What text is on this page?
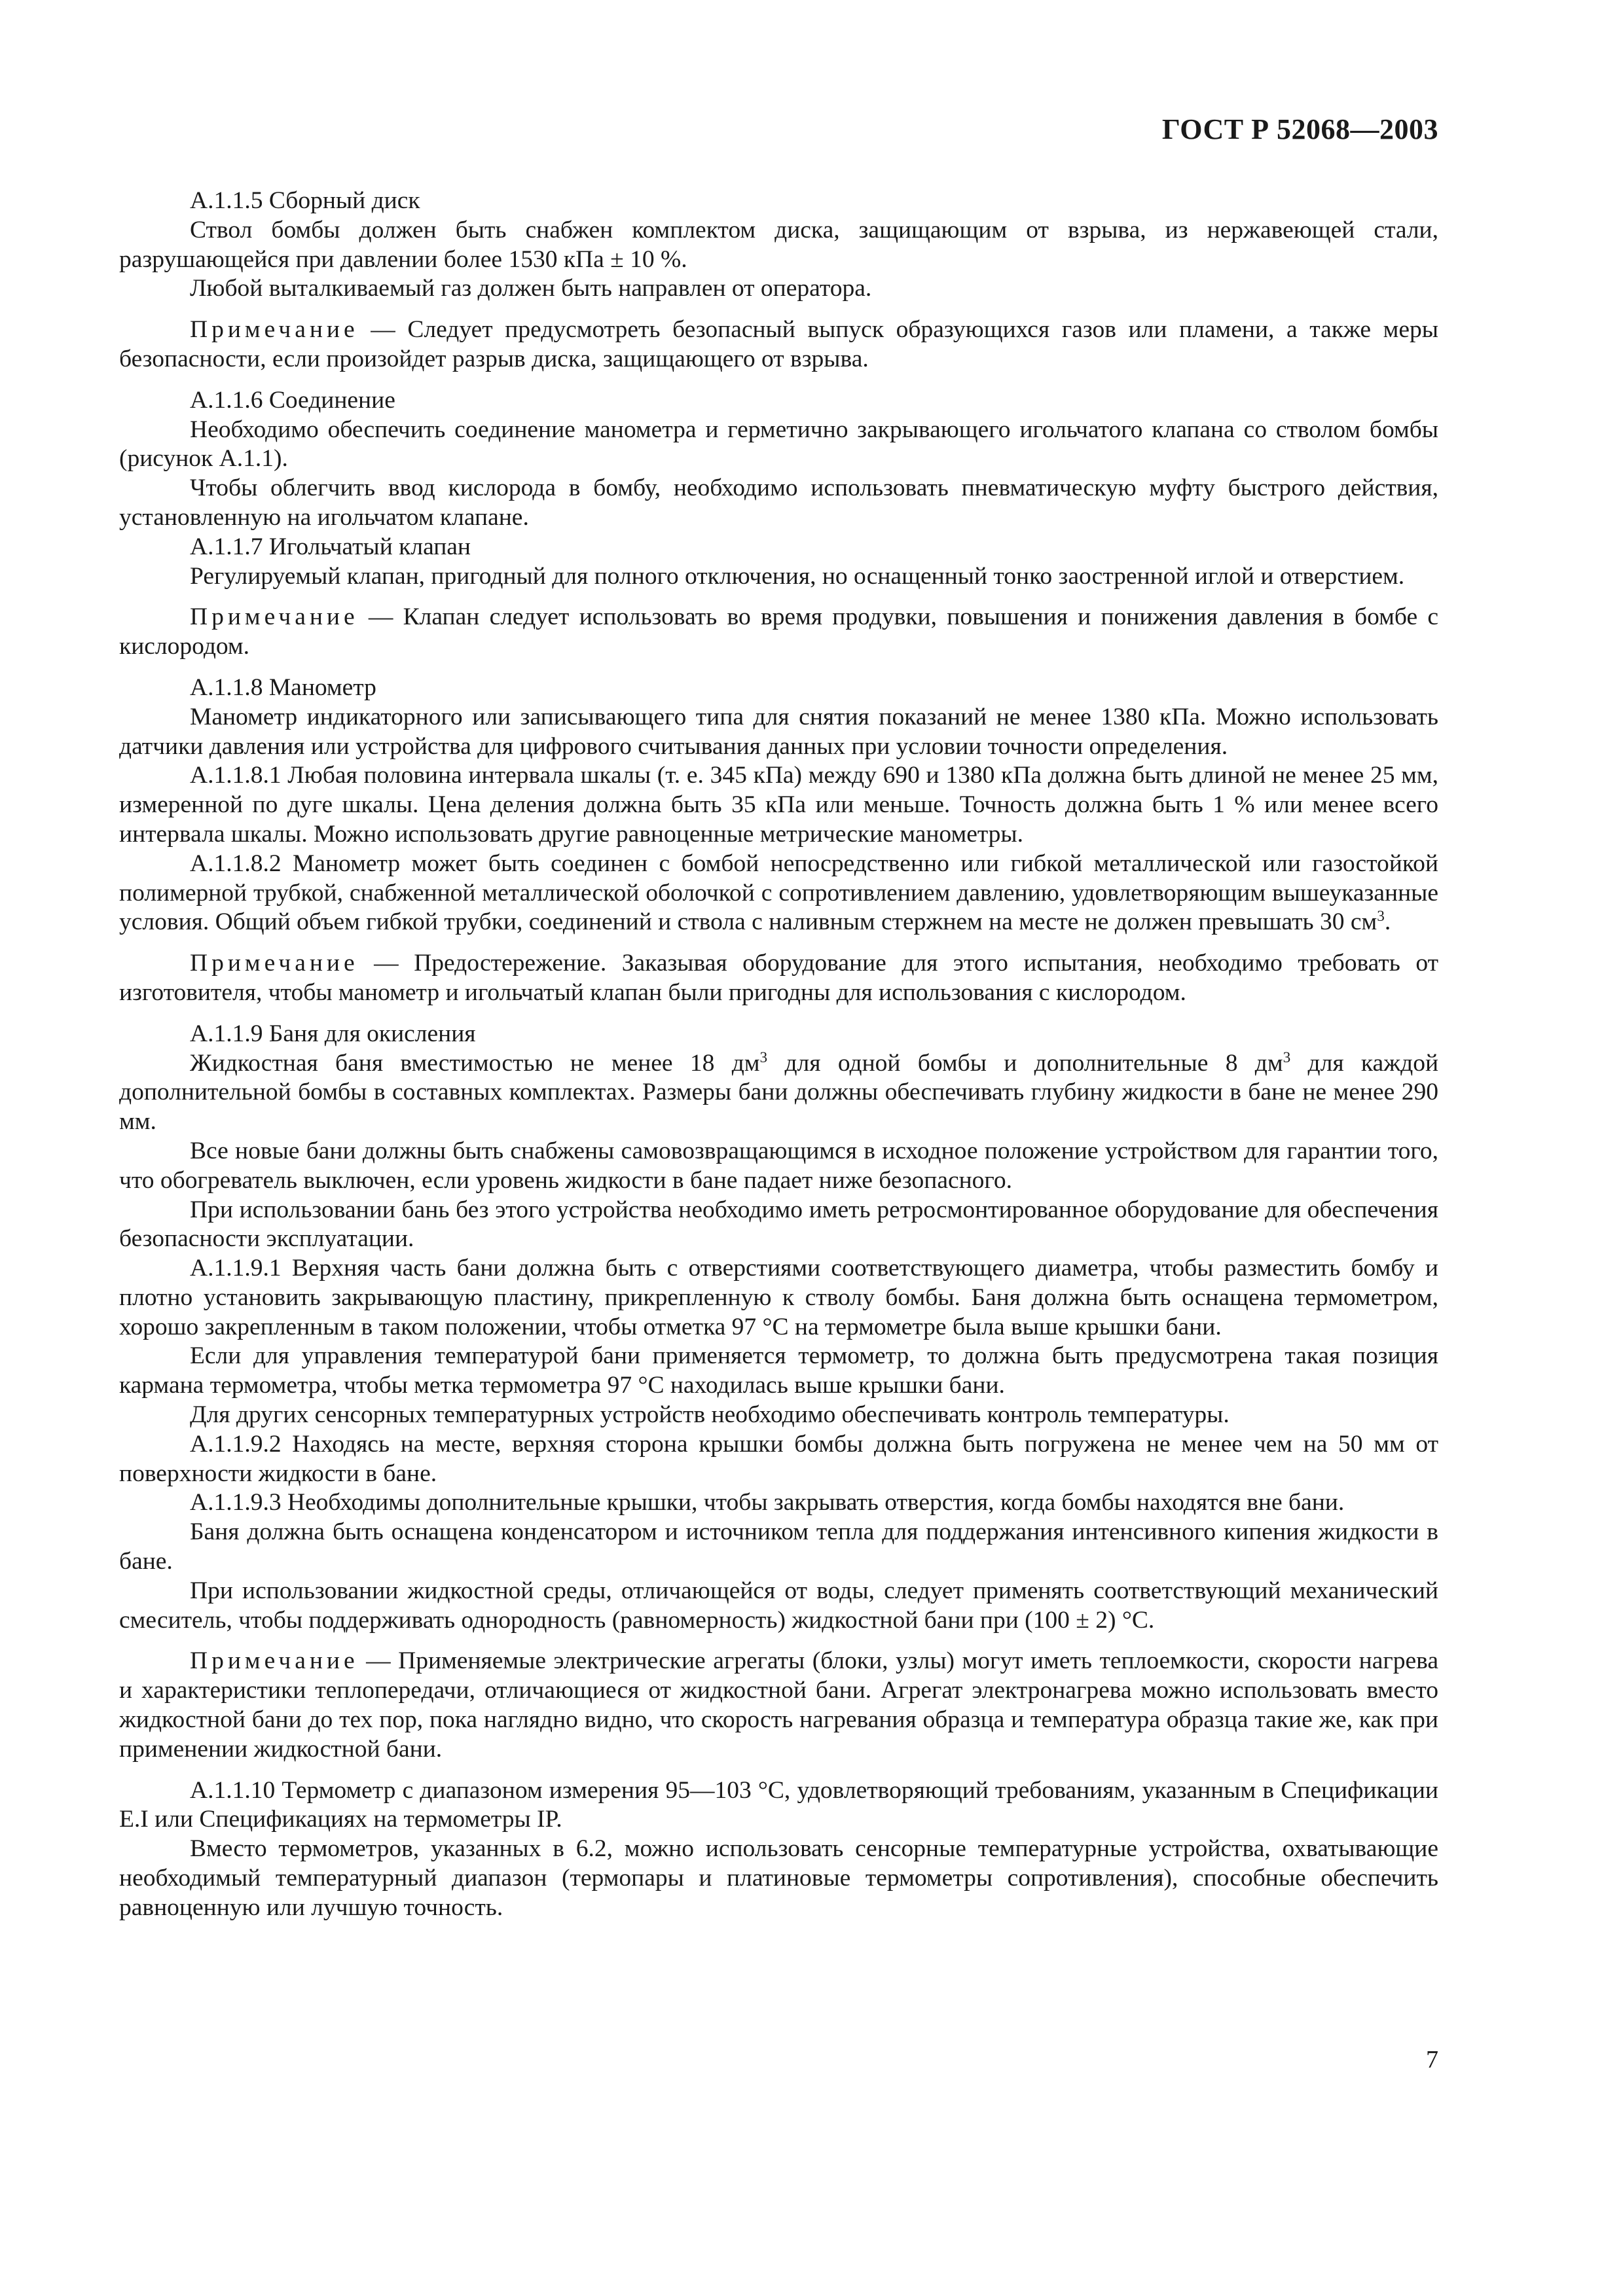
ГОСТ Р 52068—2003
А.1.1.5 Сборный диск

Ствол бомбы должен быть снабжен комплектом диска, защищающим от взрыва, из нержавеющей стали, разрушающейся при давлении более 1530 кПа ± 10 %.

Любой выталкиваемый газ должен быть направлен от оператора.

Примечание — Следует предусмотреть безопасный выпуск образующихся газов или пламени, а также меры безопасности, если произойдет разрыв диска, защищающего от взрыва.

А.1.1.6 Соединение

Необходимо обеспечить соединение манометра и герметично закрывающего игольчатого клапана со стволом бомбы (рисунок А.1.1).

Чтобы облегчить ввод кислорода в бомбу, необходимо использовать пневматическую муфту быстрого действия, установленную на игольчатом клапане.

А.1.1.7 Игольчатый клапан

Регулируемый клапан, пригодный для полного отключения, но оснащенный тонко заостренной иглой и отверстием.

Примечание — Клапан следует использовать во время продувки, повышения и понижения давления в бомбе с кислородом.

А.1.1.8 Манометр

Манометр индикаторного или записывающего типа для снятия показаний не менее 1380 кПа. Можно использовать датчики давления или устройства для цифрового считывания данных при условии точности определения.

А.1.1.8.1 Любая половина интервала шкалы (т. е. 345 кПа) между 690 и 1380 кПа должна быть длиной не менее 25 мм, измеренной по дуге шкалы. Цена деления должна быть 35 кПа или меньше. Точность должна быть 1 % или менее всего интервала шкалы. Можно использовать другие равноценные метрические манометры.

А.1.1.8.2 Манометр может быть соединен с бомбой непосредственно или гибкой металлической или газостойкой полимерной трубкой, снабженной металлической оболочкой с сопротивлением давлению, удовлетворяющим вышеуказанные условия. Общий объем гибкой трубки, соединений и ствола с наливным стержнем на месте не должен превышать 30 $см^3$.

Примечание — Предостережение. Заказывая оборудование для этого испытания, необходимо требовать от изготовителя, чтобы манометр и игольчатый клапан были пригодны для использования с кислородом.

А.1.1.9 Баня для окисления

Жидкостная баня вместимостью не менее 18 $дм^3$ для одной бомбы и дополнительные 8 $дм^3$ для каждой дополнительной бомбы в составных комплектах. Размеры бани должны обеспечивать глубину жидкости в бане не менее 290 мм.

Все новые бани должны быть снабжены самовозвращающимся в исходное положение устройством для гарантии того, что обогреватель выключен, если уровень жидкости в бане падает ниже безопасного.

При использовании бань без этого устройства необходимо иметь ретросмонтированное оборудование для обеспечения безопасности эксплуатации.

А.1.1.9.1 Верхняя часть бани должна быть с отверстиями соответствующего диаметра, чтобы разместить бомбу и плотно установить закрывающую пластину, прикрепленную к стволу бомбы. Баня должна быть оснащена термометром, хорошо закрепленным в таком положении, чтобы отметка 97 °С на термометре была выше крышки бани.

Если для управления температурой бани применяется термометр, то должна быть предусмотрена такая позиция кармана термометра, чтобы метка термометра 97 °С находилась выше крышки бани.

Для других сенсорных температурных устройств необходимо обеспечивать контроль температуры.

А.1.1.9.2 Находясь на месте, верхняя сторона крышки бомбы должна быть погружена не менее чем на 50 мм от поверхности жидкости в бане.

А.1.1.9.3 Необходимы дополнительные крышки, чтобы закрывать отверстия, когда бомбы находятся вне бани.

Баня должна быть оснащена конденсатором и источником тепла для поддержания интенсивного кипения жидкости в бане.

При использовании жидкостной среды, отличающейся от воды, следует применять соответствующий механический смеситель, чтобы поддерживать однородность (равномерность) жидкостной бани при (100 ± 2) °С.

Примечание — Применяемые электрические агрегаты (блоки, узлы) могут иметь теплоемкости, скорости нагрева и характеристики теплопередачи, отличающиеся от жидкостной бани. Агрегат электронагрева можно использовать вместо жидкостной бани до тех пор, пока наглядно видно, что скорость нагревания образца и температура образца такие же, как при применении жидкостной бани.

А.1.1.10 Термометр с диапазоном измерения 95—103 °С, удовлетворяющий требованиям, указанным в Спецификации Е.I или Спецификациях на термометры IP.

Вместо термометров, указанных в 6.2, можно использовать сенсорные температурные устройства, охватывающие необходимый температурный диапазон (термопары и платиновые термометры сопротивления), способные обеспечить равноценную или лучшую точность.

7
